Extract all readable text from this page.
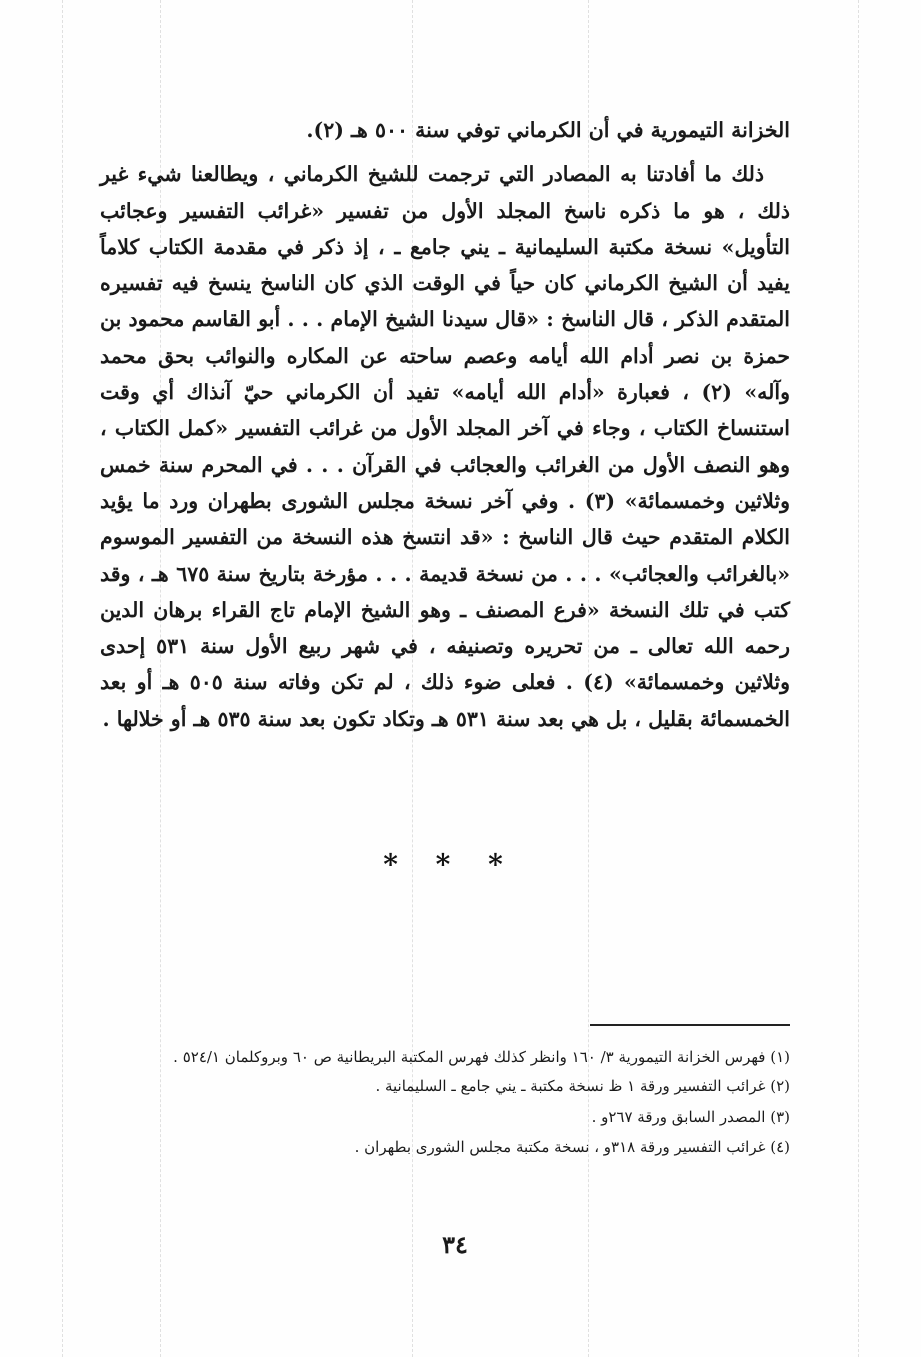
الخزانة التيمورية في أن الكرماني توفي سنة ٥٠٠ هـ (٢).

ذلك ما أفادتنا به المصادر التي ترجمت للشيخ الكرماني ، ويطالعنا شيء غير ذلك ، هو ما ذكره ناسخ المجلد الأول من تفسير «غرائب التفسير وعجائب التأويل» نسخة مكتبة السليمانية ـ يني جامع ـ ، إذ ذكر في مقدمة الكتاب كلاماً يفيد أن الشيخ الكرماني كان حياً في الوقت الذي كان الناسخ ينسخ فيه تفسيره المتقدم الذكر ، قال الناسخ : «قال سيدنا الشيخ الإمام . . . أبو القاسم محمود بن حمزة بن نصر أدام الله أيامه وعصم ساحته عن المكاره والنوائب بحق محمد وآله» (٢) ، فعبارة «أدام الله أيامه» تفيد أن الكرماني حيّ آنذاك أي وقت استنساخ الكتاب ، وجاء في آخر المجلد الأول من غرائب التفسير «كمل الكتاب ، وهو النصف الأول من الغرائب والعجائب في القرآن . . . في المحرم سنة خمس وثلاثين وخمسمائة» (٣) . وفي آخر نسخة مجلس الشورى بطهران ورد ما يؤيد الكلام المتقدم حيث قال الناسخ : «قد انتسخ هذه النسخة من التفسير الموسوم «بالغرائب والعجائب» . . . من نسخة قديمة . . . مؤرخة بتاريخ سنة ٦٧٥ هـ ، وقد كتب في تلك النسخة «فرع المصنف ـ وهو الشيخ الإمام تاج القراء برهان الدين رحمه الله تعالى ـ من تحريره وتصنيفه ، في شهر ربيع الأول سنة ٥٣١ إحدى وثلاثين وخمسمائة» (٤) . فعلى ضوء ذلك ، لم تكن وفاته سنة ٥٠٥ هـ أو بعد الخمسمائة بقليل ، بل هي بعد سنة ٥٣١ هـ وتكاد تكون بعد سنة ٥٣٥ هـ أو خلالها .

* * *

(١) فهرس الخزانة التيمورية ٣/ ١٦٠ وانظر كذلك فهرس المكتبة البريطانية ص ٦٠ وبروكلمان ٥٢٤/١ .

(٢) غرائب التفسير ورقة ١ ظ نسخة مكتبة ـ يني جامع ـ السليمانية .

(٣) المصدر السابق ورقة ٢٦٧و .

(٤) غرائب التفسير ورقة ٣١٨و ، نسخة مكتبة مجلس الشورى بطهران .

٣٤
